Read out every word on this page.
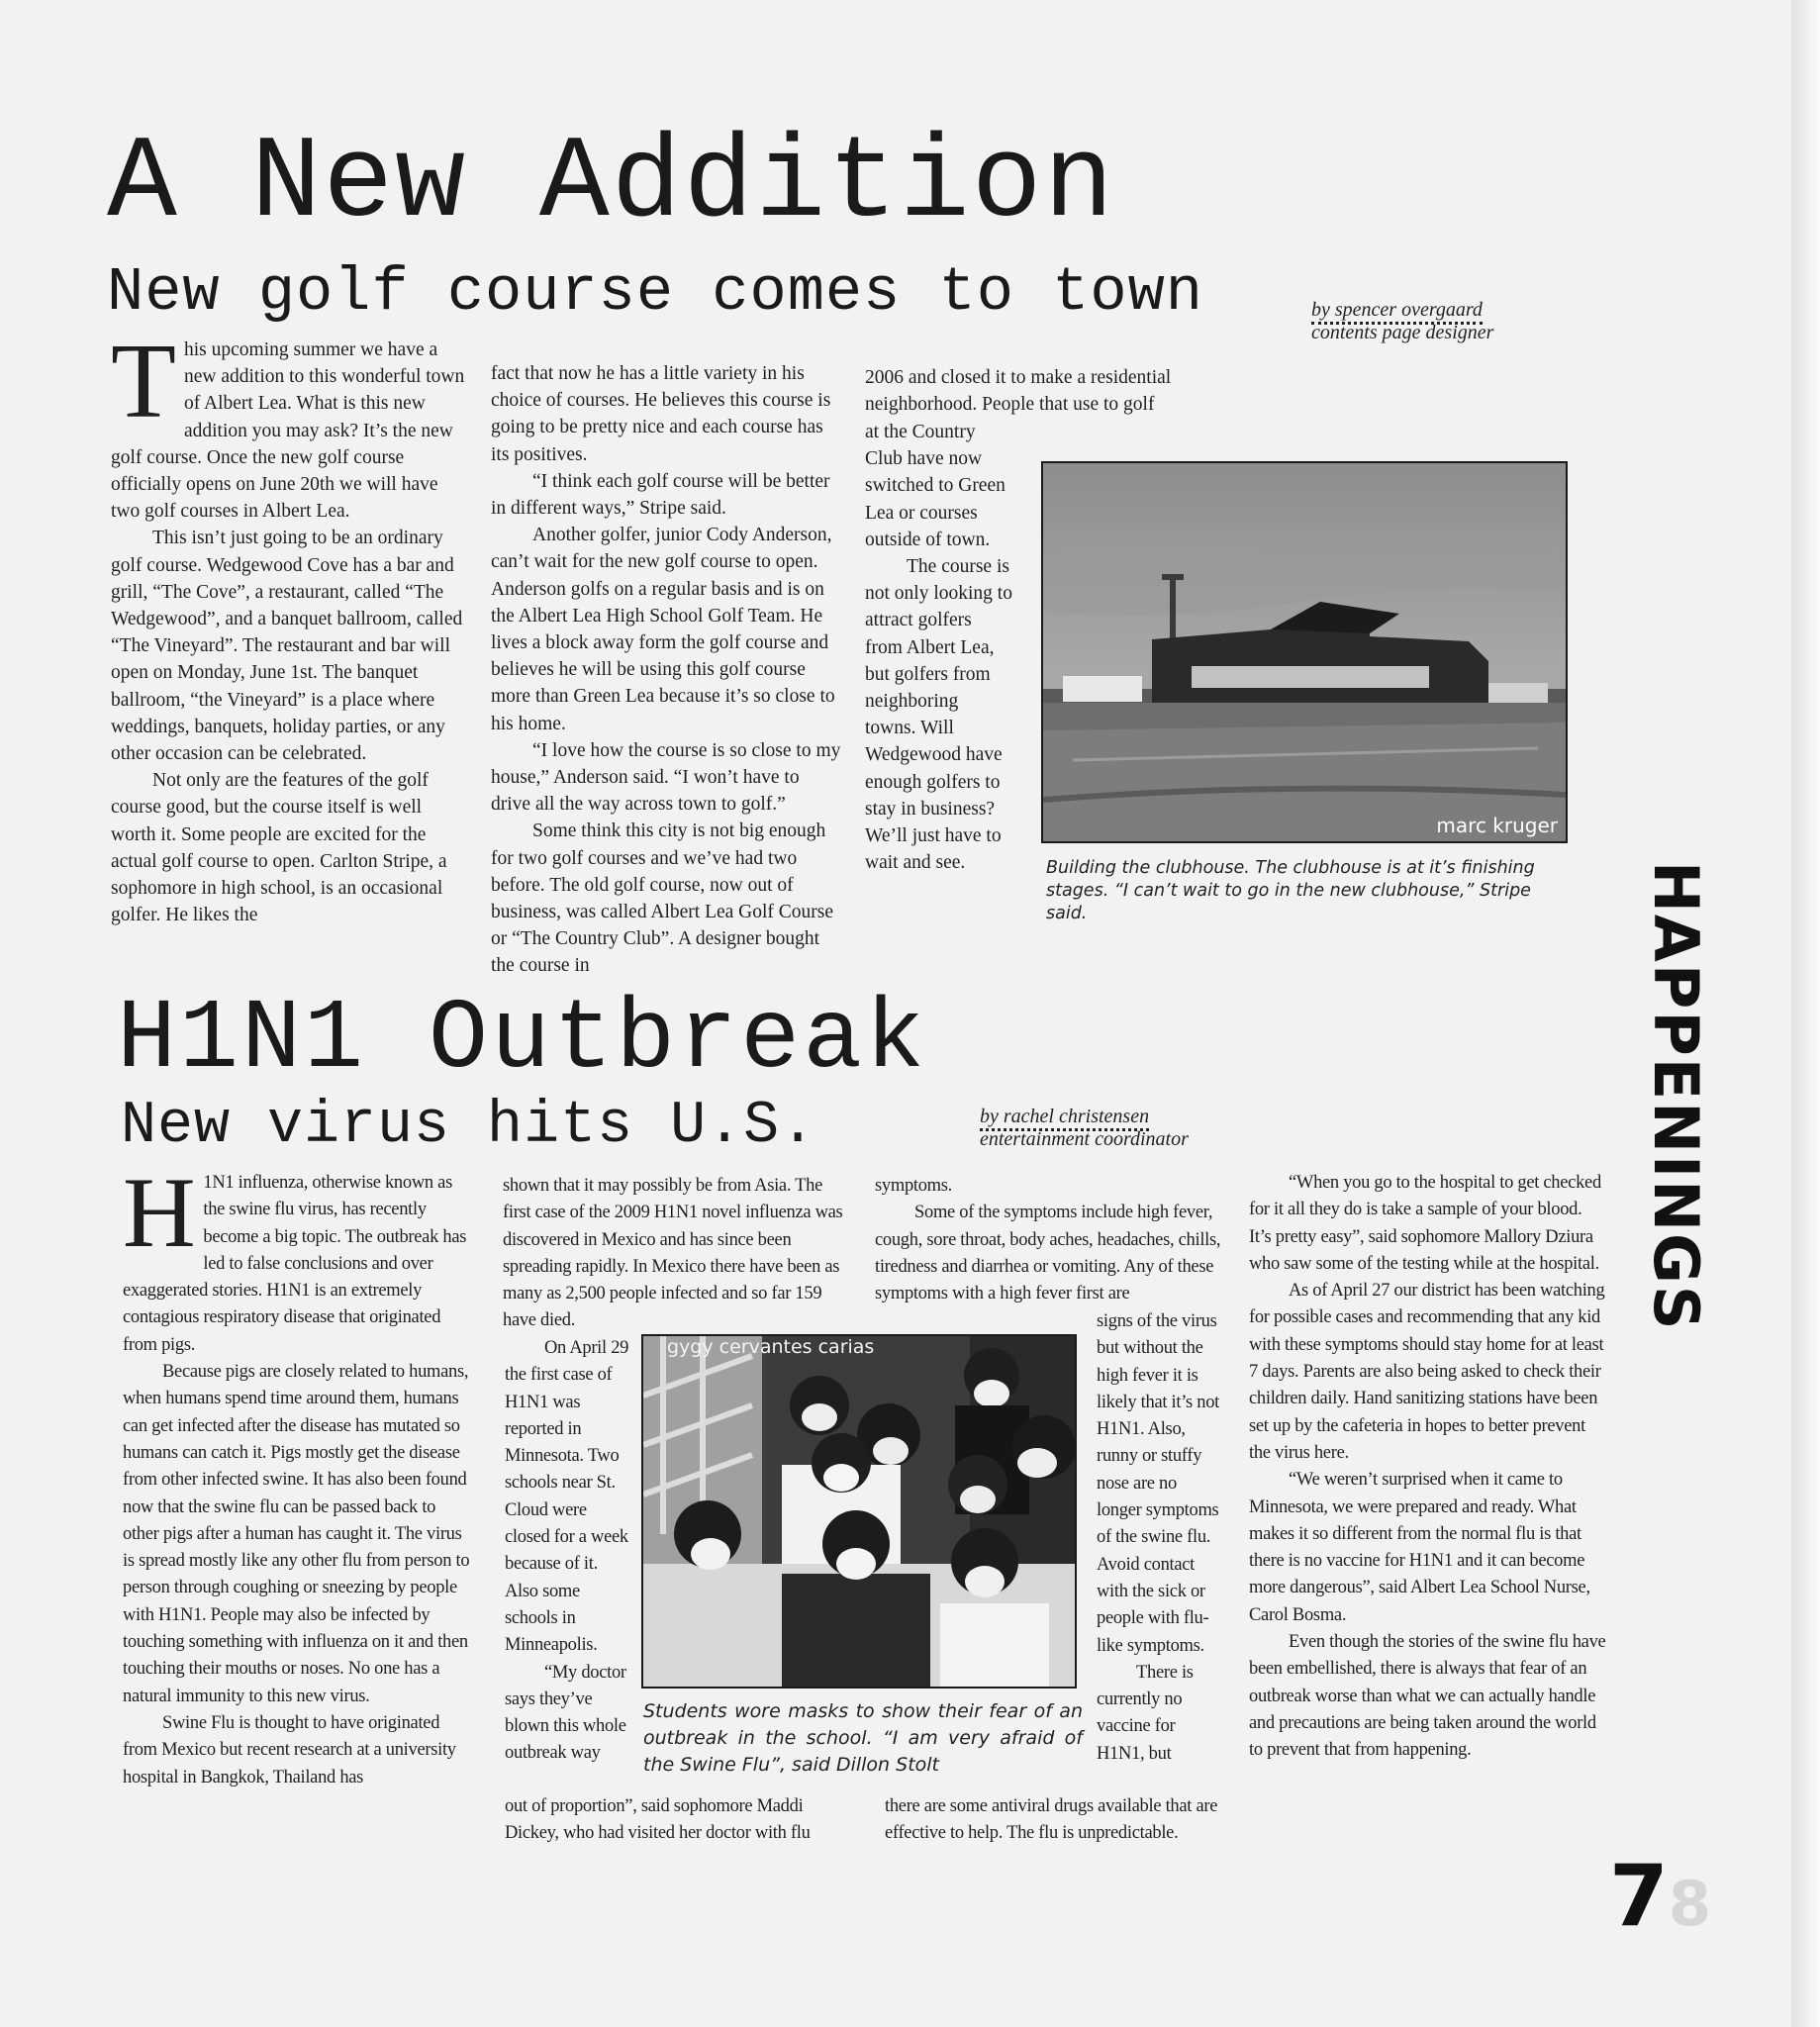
A New Addition
New golf course comes to town	by spencer overgaard
contents page designer
T his upcoming summer we have a new addition to this wonderful town of Albert Lea. What is this new addition you may ask? It’s the new golf course. Once the new golf course officially opens on June 20th we will have two golf courses in Albert Lea.

This isn’t just going to be an ordinary golf course. Wedgewood Cove has a bar and grill, “The Cove”, a restaurant, called “The Wedgewood”, and a banquet ballroom, called “The Vineyard”. The restaurant and bar will open on Monday, June 1st. The banquet ballroom, “the Vineyard” is a place where weddings, banquets, holiday parties, or any other occasion can be celebrated.

Not only are the features of the golf course good, but the course itself is well worth it. Some people are excited for the actual golf course to open. Carlton Stripe, a sophomore in high school, is an occasional golfer. He likes the

fact that now he has a little variety in his choice of courses. He believes this course is going to be pretty nice and each course has its positives.

“I think each golf course will be better in different ways,” Stripe said.

Another golfer, junior Cody Anderson, can’t wait for the new golf course to open. Anderson golfs on a regular basis and is on the Albert Lea High School Golf Team. He lives a block away form the golf course and believes he will be using this golf course more than Green Lea because it’s so close to his home.

“I love how the course is so close to my house,” Anderson said. “I won’t have to drive all the way across town to golf.”

Some think this city is not big enough for two golf courses and we’ve had two before. The old golf course, now out of business, was called Albert Lea Golf Course or “The Country Club”. A designer bought the course in

2006 and closed it to make a residential neighborhood. People that use to golf

at the Country Club have now switched to Green Lea or courses outside of town.

The course is not only looking to attract golfers from Albert Lea, but golfers from neighboring towns. Will Wedgewood have enough golfers to stay in business? We’ll just have to wait and see.

marc kruger
Building the clubhouse. The clubhouse is at it’s finishing stages. “I can’t wait to go in the new clubhouse,” Stripe said.
H1N1 Outbreak
New virus hits U.S.	by rachel christensen
entertainment coordinator
H 1N1 influenza, otherwise known as the swine flu virus, has recently become a big topic. The outbreak has led to false conclusions and over exaggerated stories. H1N1 is an extremely contagious respiratory disease that originated from pigs.

Because pigs are closely related to humans, when humans spend time around them, humans can get infected after the disease has mutated so humans can catch it. Pigs mostly get the disease from other infected swine. It has also been found now that the swine flu can be passed back to other pigs after a human has caught it. The virus is spread mostly like any other flu from person to person through coughing or sneezing by people with H1N1. People may also be infected by touching something with influenza on it and then touching their mouths or noses. No one has a natural immunity to this new virus.

Swine Flu is thought to have originated from Mexico but recent research at a university hospital in Bangkok, Thailand has

shown that it may possibly be from Asia. The first case of the 2009 H1N1 novel influenza was discovered in Mexico and has since been spreading rapidly. In Mexico there have been as many as 2,500 people infected and so far 159 have died.

On April 29 the first case of H1N1 was reported in Minnesota. Two schools near St. Cloud were closed for a week because of it. Also some schools in Minneapolis.

“My doctor says they’ve blown this whole outbreak way

out of proportion”, said sophomore Maddi Dickey, who had visited her doctor with flu

symptoms.

Some of the symptoms include high fever, cough, sore throat, body aches, headaches, chills, tiredness and diarrhea or vomiting. Any of these symptoms with a high fever first are

signs of the virus but without the high fever it is likely that it’s not H1N1. Also, runny or stuffy nose are no longer symptoms of the swine flu. Avoid contact with the sick or people with flu-like symptoms.

There is currently no vaccine for H1N1, but

there are some antiviral drugs available that are effective to help. The flu is unpredictable.

“When you go to the hospital to get checked for it all they do is take a sample of your blood. It’s pretty easy”, said sophomore Mallory Dziura who saw some of the testing while at the hospital.

As of April 27 our district has been watching for possible cases and recommending that any kid with these symptoms should stay home for at least 7 days. Parents are also being asked to check their children daily. Hand sanitizing stations have been set up by the cafeteria in hopes to better prevent the virus here.

“We weren’t surprised when it came to Minnesota, we were prepared and ready. What makes it so different from the normal flu is that there is no vaccine for H1N1 and it can become more dangerous”, said Albert Lea School Nurse, Carol Bosma.

Even though the stories of the swine flu have been embellished, there is always that fear of an outbreak worse than what we can actually handle and precautions are being taken around the world to prevent that from happening.

gygy cervantes carias
Students wore masks to show their fear of an outbreak in the school. “I am very afraid of the Swine Flu”, said Dillon Stolt
HAPPENINGS
78
